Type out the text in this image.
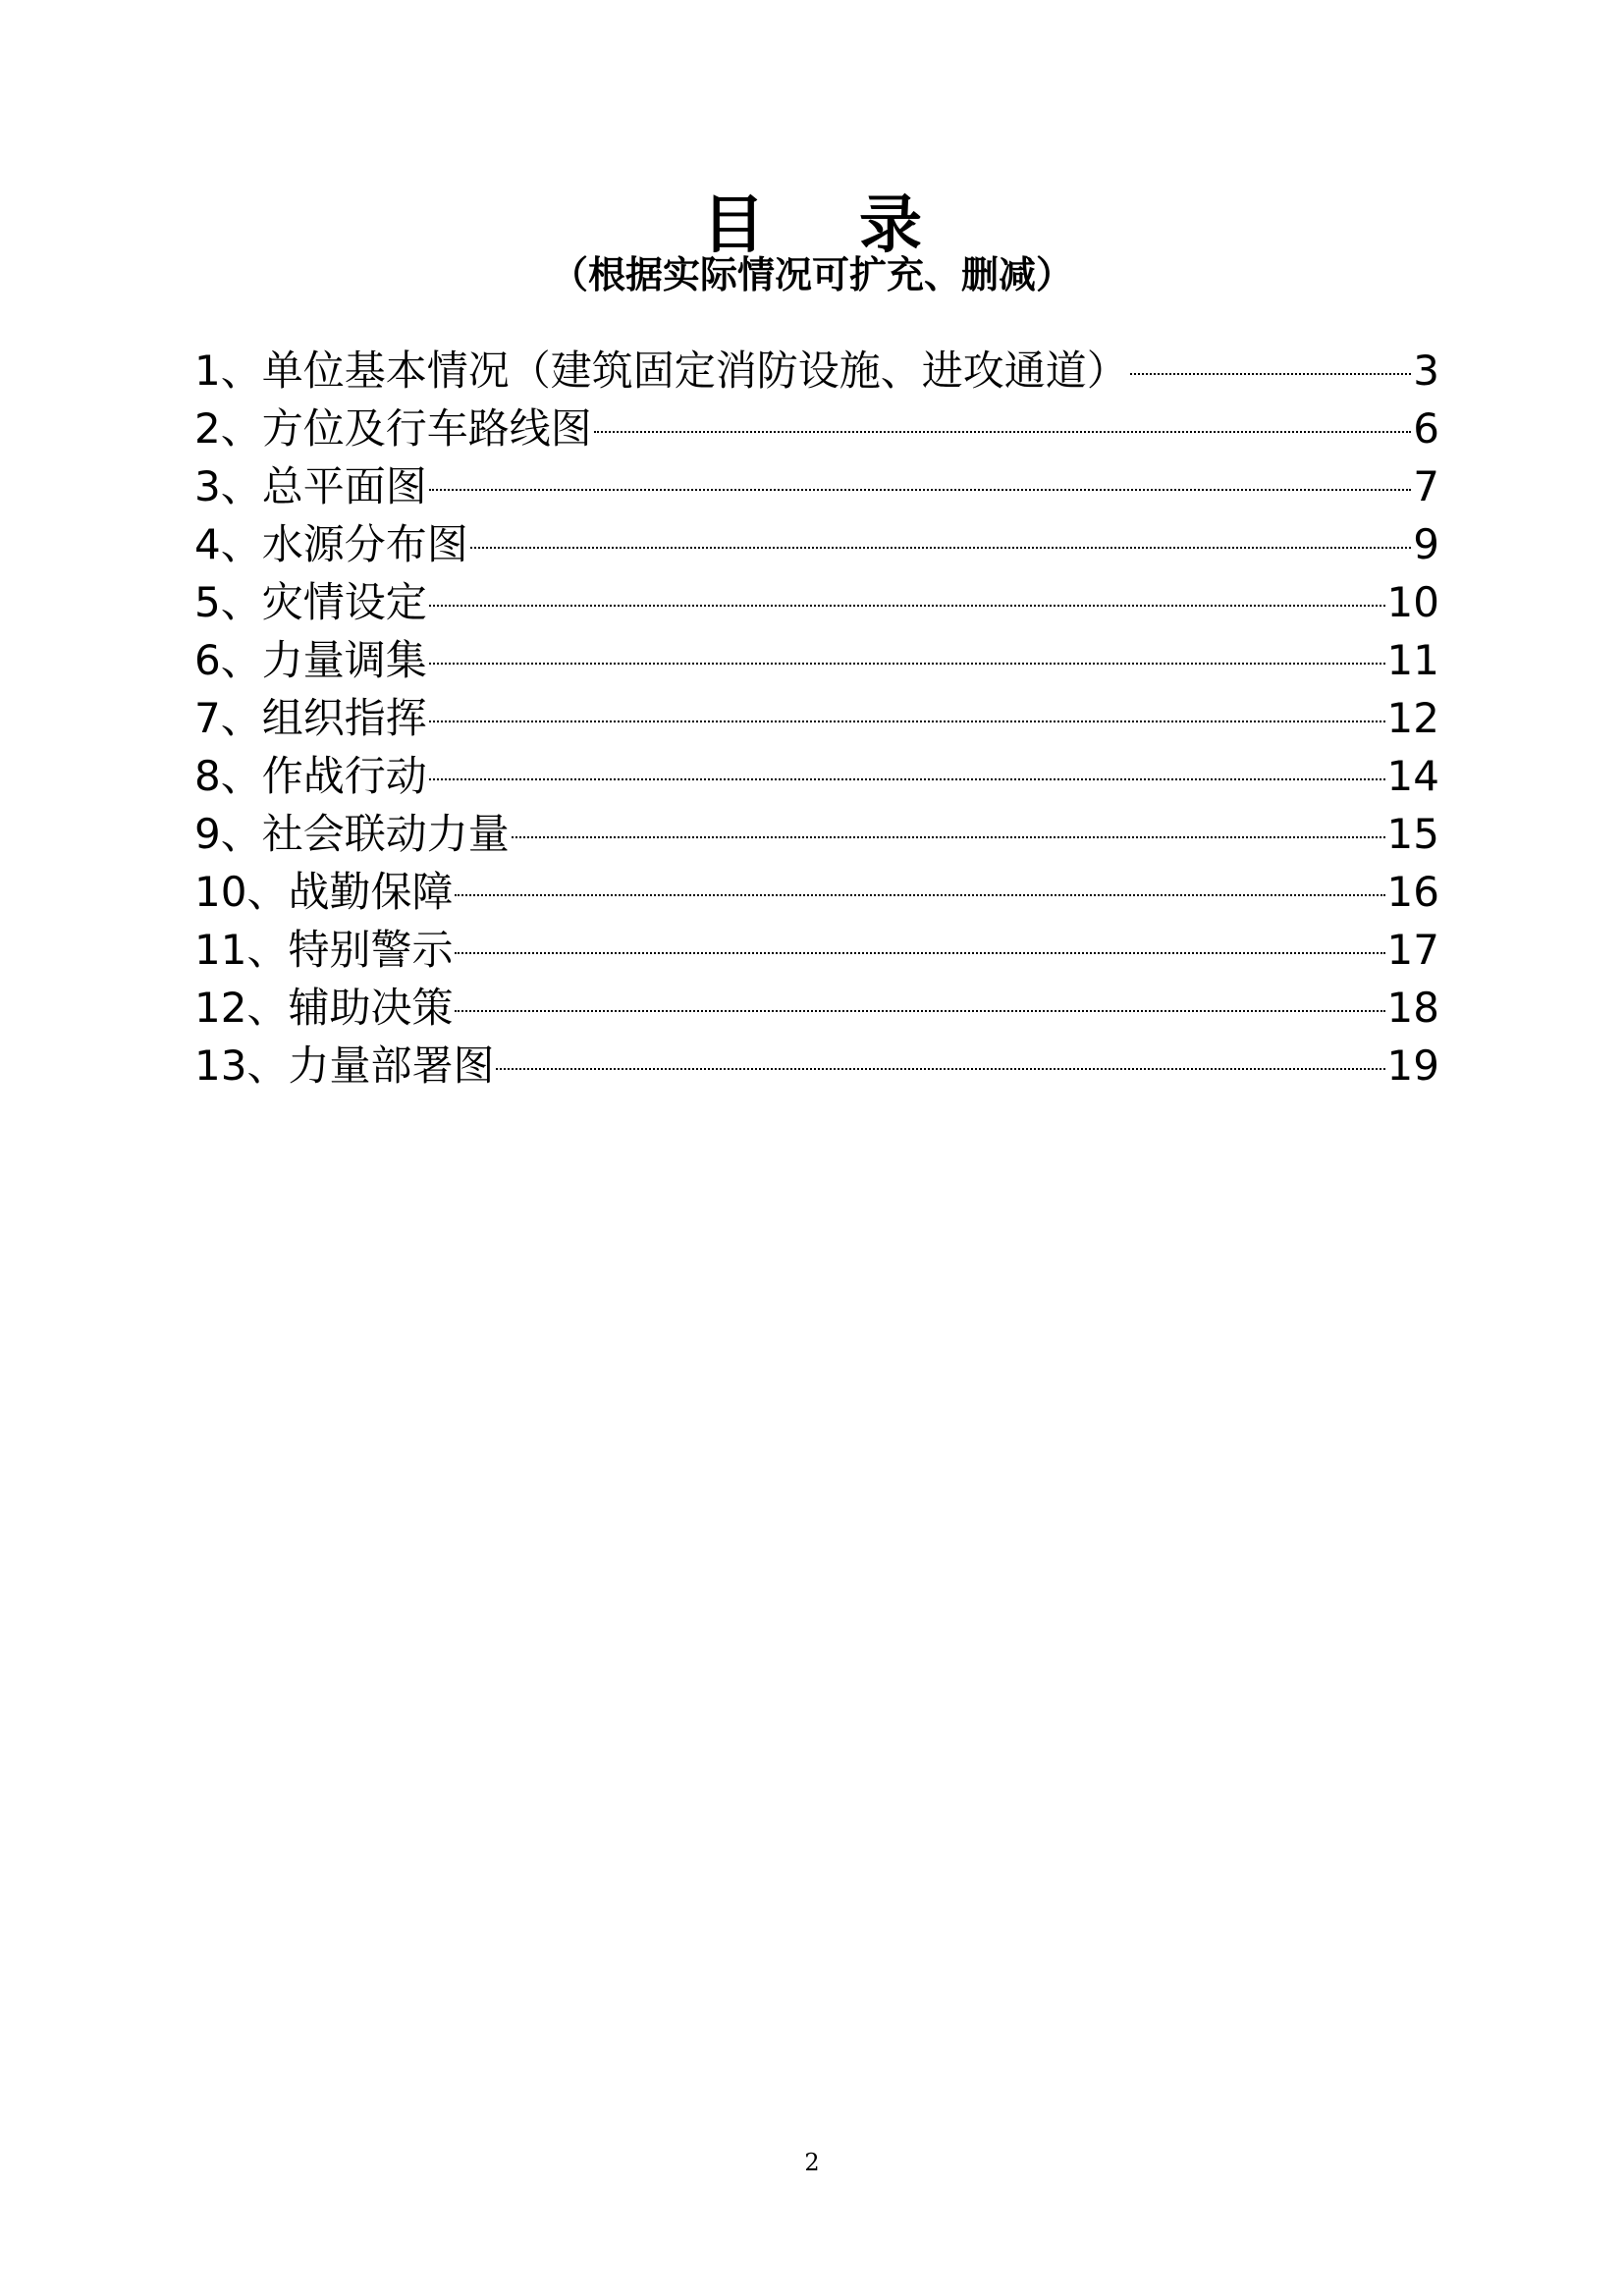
目 录
（根据实际情况可扩充、删减）
1、单位基本情况（建筑固定消防设施、进攻通道）	3
2、方位及行车路线图	6
3、总平面图	7
4、水源分布图	9
5、灾情设定	10
6、力量调集	11
7、组织指挥	12
8、作战行动	14
9、社会联动力量	15
10、战勤保障	16
11、特别警示	17
12、辅助决策	18
13、力量部署图	19
2
